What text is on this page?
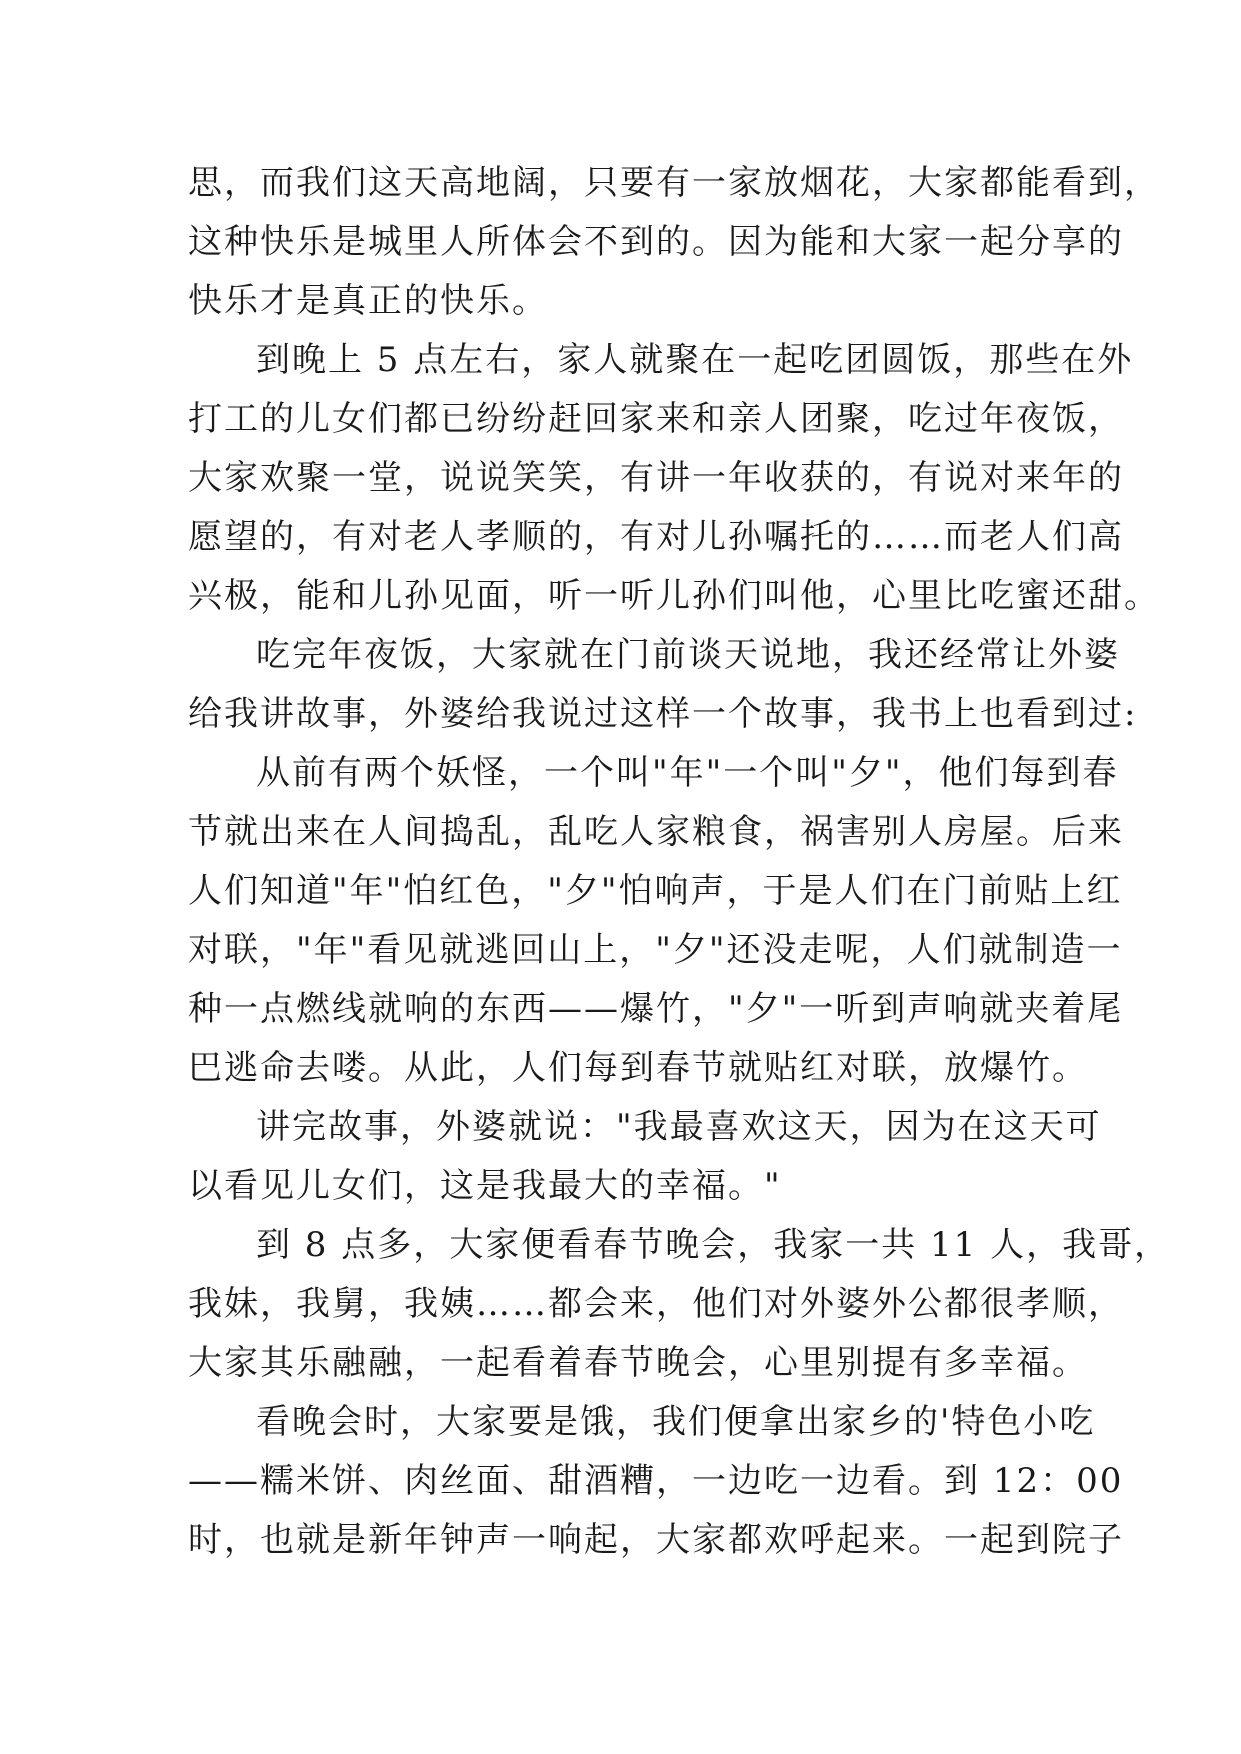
思，而我们这天高地阔，只要有一家放烟花，大家都能看到，
这种快乐是城里人所体会不到的。因为能和大家一起分享的
快乐才是真正的快乐。
到晚上 5 点左右，家人就聚在一起吃团圆饭，那些在外
打工的儿女们都已纷纷赶回家来和亲人团聚，吃过年夜饭，
大家欢聚一堂，说说笑笑，有讲一年收获的，有说对来年的
愿望的，有对老人孝顺的，有对儿孙嘱托的……而老人们高
兴极，能和儿孙见面，听一听儿孙们叫他，心里比吃蜜还甜。
吃完年夜饭，大家就在门前谈天说地，我还经常让外婆
给我讲故事，外婆给我说过这样一个故事，我书上也看到过:
从前有两个妖怪，一个叫"年"一个叫"夕"，他们每到春
节就出来在人间捣乱，乱吃人家粮食，祸害别人房屋。后来
人们知道"年"怕红色，"夕"怕响声，于是人们在门前贴上红
对联，"年"看见就逃回山上，"夕"还没走呢，人们就制造一
种一点燃线就响的东西——爆竹，"夕"一听到声响就夹着尾
巴逃命去喽。从此，人们每到春节就贴红对联，放爆竹。
讲完故事，外婆就说："我最喜欢这天，因为在这天可
以看见儿女们，这是我最大的幸福。"
到 8 点多，大家便看春节晚会，我家一共 11 人，我哥，
我妹，我舅，我姨……都会来，他们对外婆外公都很孝顺，
大家其乐融融，一起看着春节晚会，心里别提有多幸福。
看晚会时，大家要是饿，我们便拿出家乡的'特色小吃
——糯米饼、肉丝面、甜酒糟，一边吃一边看。到 12：00
时，也就是新年钟声一响起，大家都欢呼起来。一起到院子
